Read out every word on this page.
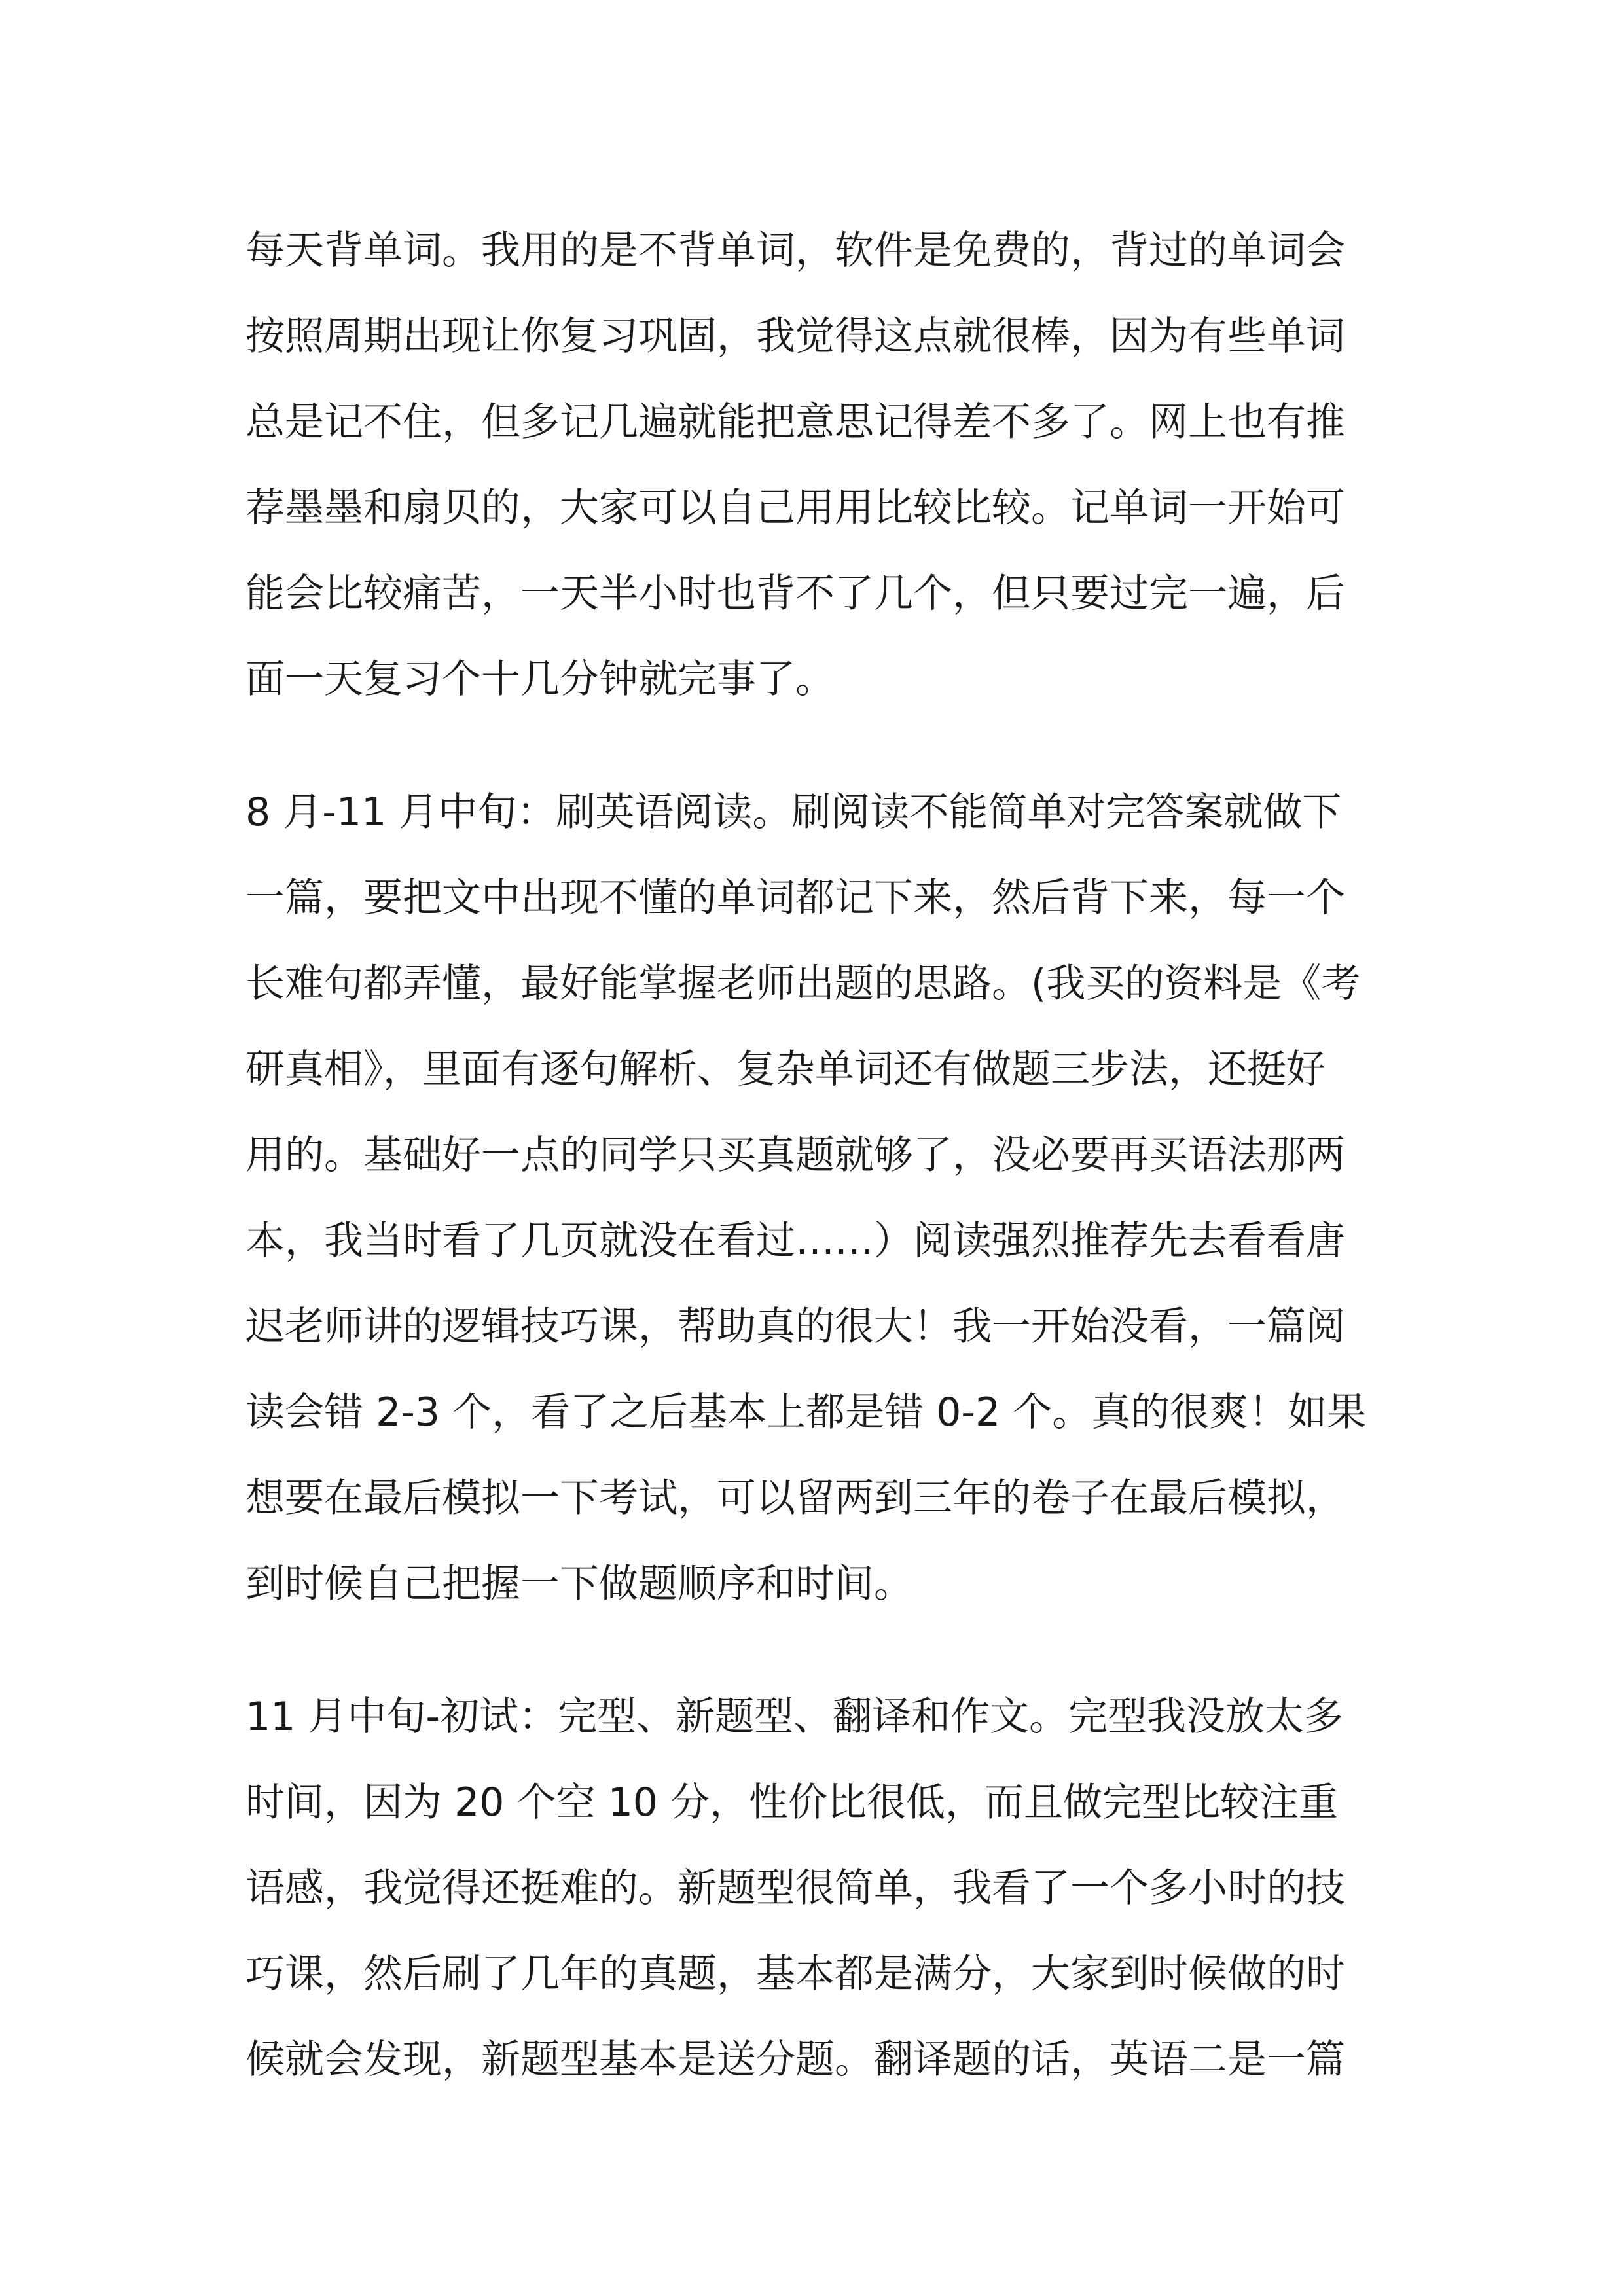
每天背单词。我用的是不背单词，软件是免费的，背过的单词会
按照周期出现让你复习巩固，我觉得这点就很棒，因为有些单词
总是记不住，但多记几遍就能把意思记得差不多了。网上也有推
荐墨墨和扇贝的，大家可以自己用用比较比较。记单词一开始可
能会比较痛苦，一天半小时也背不了几个，但只要过完一遍，后
面一天复习个十几分钟就完事了。

8 月-11 月中旬：刷英语阅读。刷阅读不能简单对完答案就做下
一篇，要把文中出现不懂的单词都记下来，然后背下来，每一个
长难句都弄懂，最好能掌握老师出题的思路。(我买的资料是《考
研真相》，里面有逐句解析、复杂单词还有做题三步法，还挺好
用的。基础好一点的同学只买真题就够了，没必要再买语法那两
本，我当时看了几页就没在看过……）阅读强烈推荐先去看看唐
迟老师讲的逻辑技巧课，帮助真的很大！我一开始没看，一篇阅
读会错 2-3 个，看了之后基本上都是错 0-2 个。真的很爽！如果
想要在最后模拟一下考试，可以留两到三年的卷子在最后模拟，
到时候自己把握一下做题顺序和时间。

11 月中旬-初试：完型、新题型、翻译和作文。完型我没放太多
时间，因为 20 个空 10 分，性价比很低，而且做完型比较注重
语感，我觉得还挺难的。新题型很简单，我看了一个多小时的技
巧课，然后刷了几年的真题，基本都是满分，大家到时候做的时
候就会发现，新题型基本是送分题。翻译题的话，英语二是一篇
